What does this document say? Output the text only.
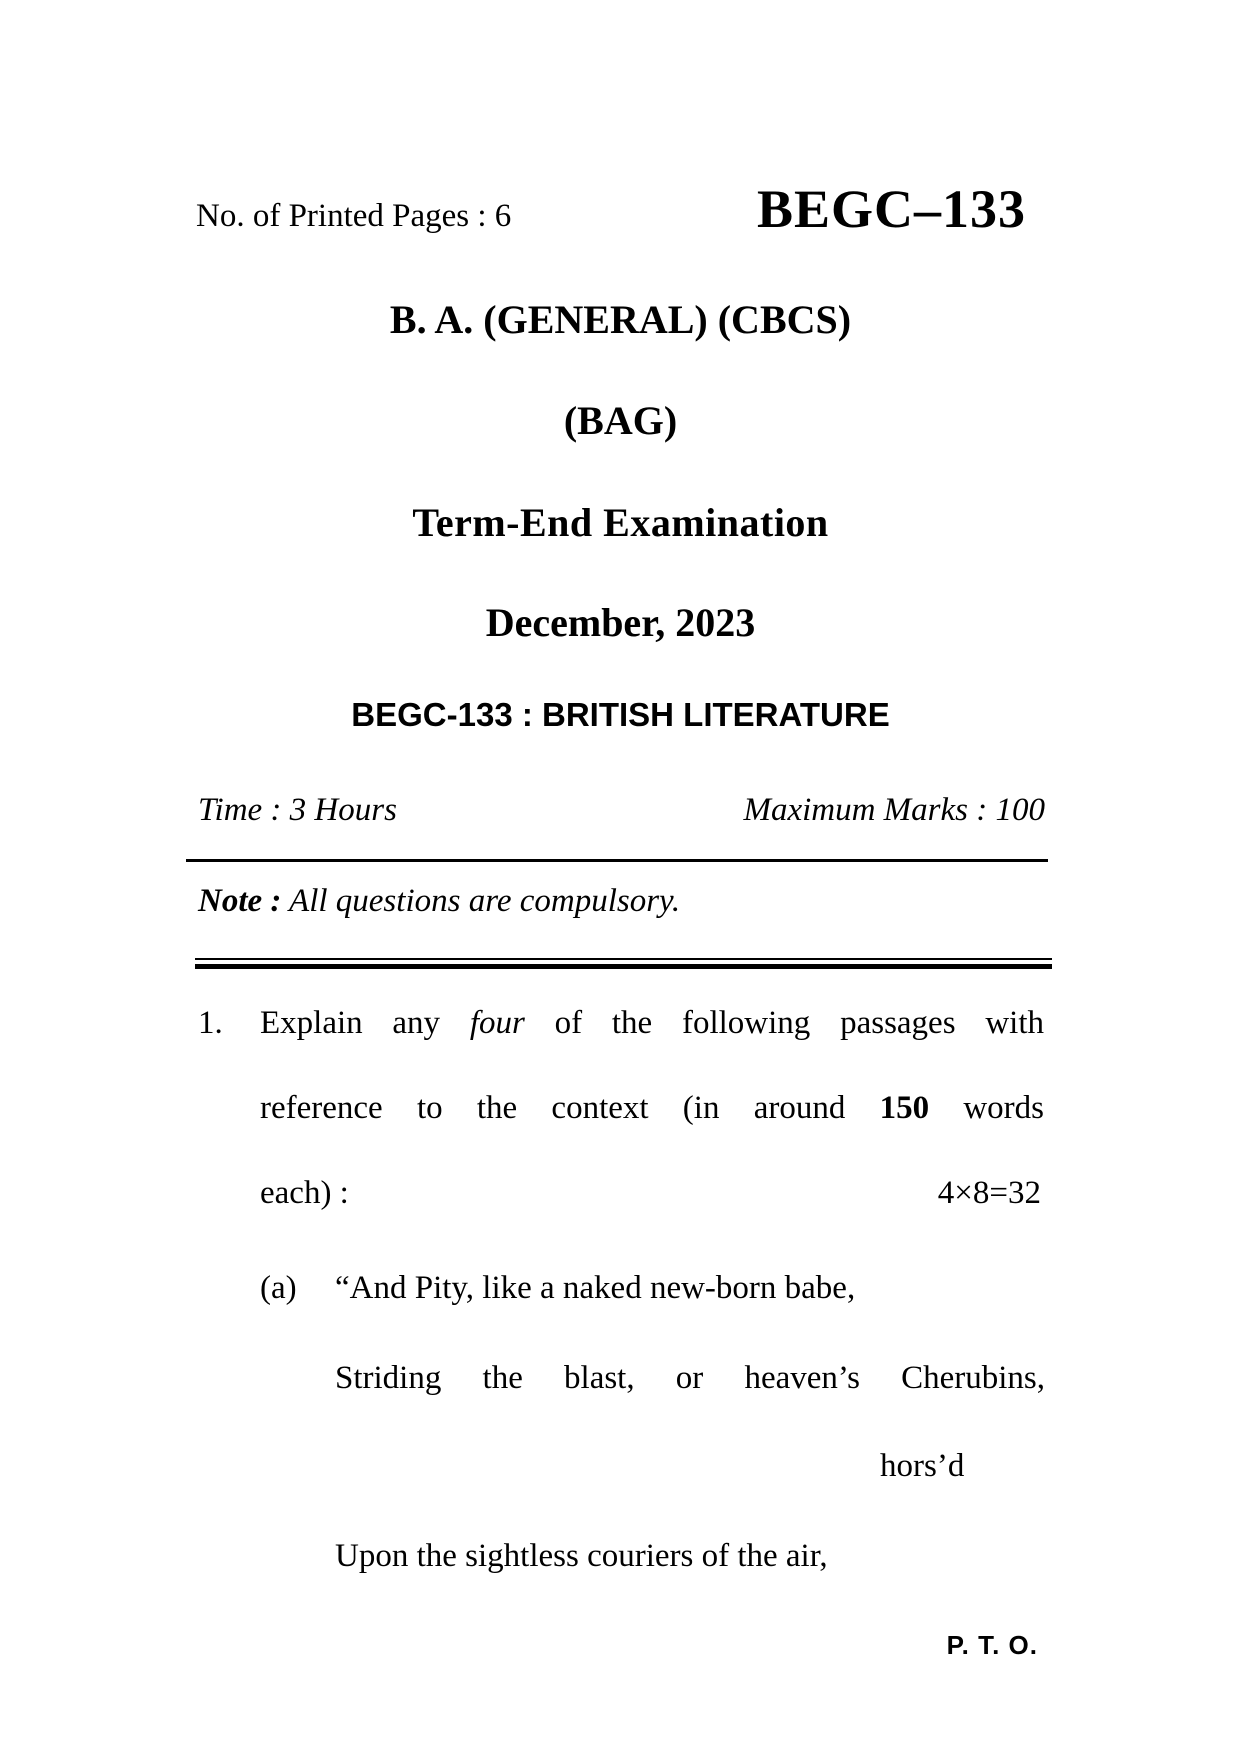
No. of Printed Pages : 6	BEGC–133
B. A. (GENERAL) (CBCS)
(BAG)
Term-End Examination
December, 2023
BEGC-133 : BRITISH LITERATURE
Time : 3 Hours	Maximum Marks : 100
Note : All questions are compulsory.
1. Explain any four of the following passages with
reference to the context (in around 150 words
each) :	4×8=32
(a) “And Pity, like a naked new-born babe,
Striding the blast, or heaven’s Cherubins,
hors’d
Upon the sightless couriers of the air,
P. T. O.
